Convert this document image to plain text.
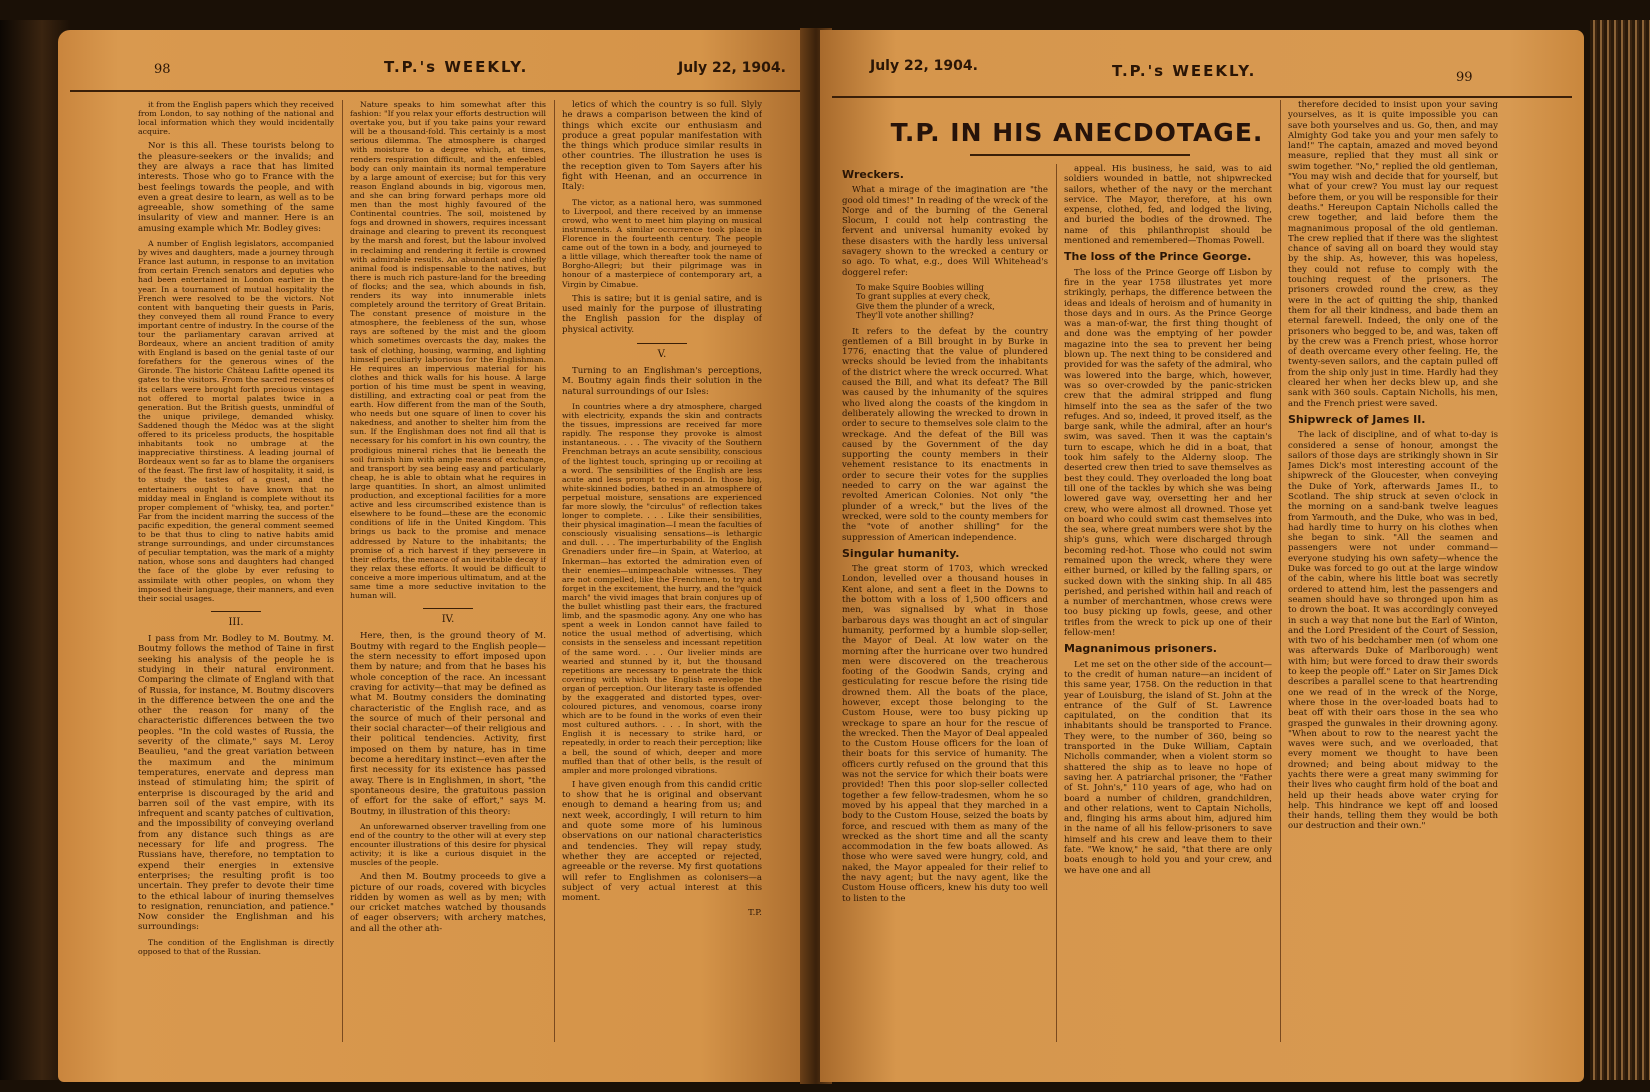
98	T.P.'s WEEKLY.	July 22, 1904.

it from the English papers which they received from London, to say nothing of the national and local information which they would incidentally acquire.

Nor is this all. These tourists belong to the pleasure-seekers or the invalids; and they are always a race that has limited interests. Those who go to France with the best feelings towards the people, and with even a great desire to learn, as well as to be agreeable, show something of the same insularity of view and manner. Here is an amusing example which Mr. Bodley gives:

A number of English legislators, accompanied by wives and daughters, made a journey through France last autumn, in response to an invitation from certain French senators and deputies who had been entertained in London earlier in the year. In a tournament of mutual hospitality the French were resolved to be the victors. Not content with banqueting their guests in Paris, they conveyed them all round France to every important centre of industry. In the course of the tour the parliamentary caravan arrived at Bordeaux, where an ancient tradition of amity with England is based on the genial taste of our forefathers for the generous wines of the Gironde. The historic Château Lafitte opened its gates to the visitors. From the sacred recesses of its cellars were brought forth precious vintages not offered to mortal palates twice in a generation. But the British guests, unmindful of the unique privilege, demanded whisky. Saddened though the Médoc was at the slight offered to its priceless products, the hospitable inhabitants took no umbrage at the inappreciative thirstiness. A leading journal of Bordeaux went so far as to blame the organisers of the feast. The first law of hospitality, it said, is to study the tastes of a guest, and the entertainers ought to have known that no midday meal in England is complete without its proper complement of "whisky, tea, and porter." Far from the incident marring the success of the pacific expedition, the general comment seemed to be that thus to cling to native habits amid strange surroundings, and under circumstances of peculiar temptation, was the mark of a mighty nation, whose sons and daughters had changed the face of the globe by ever refusing to assimilate with other peoples, on whom they imposed their language, their manners, and even their social usages.

III.

I pass from Mr. Bodley to M. Boutmy. M. Boutmy follows the method of Taine in first seeking his analysis of the people he is studying in their natural environment. Comparing the climate of England with that of Russia, for instance, M. Boutmy discovers in the difference between the one and the other the reason for many of the characteristic differences between the two peoples. "In the cold wastes of Russia, the severity of the climate," says M. Leroy Beaulieu, "and the great variation between the maximum and the minimum temperatures, enervate and depress man instead of stimulating him; the spirit of enterprise is discouraged by the arid and barren soil of the vast empire, with its infrequent and scanty patches of cultivation, and the impossibility of conveying overland from any distance such things as are necessary for life and progress. The Russians have, therefore, no temptation to expend their energies in extensive enterprises; the resulting profit is too uncertain. They prefer to devote their time to the ethical labour of inuring themselves to resignation, renunciation, and patience." Now consider the Englishman and his surroundings:

The condition of the Englishman is directly opposed to that of the Russian.

Nature speaks to him somewhat after this fashion: "If you relax your efforts destruction will overtake you, but if you take pains your reward will be a thousand-fold. This certainly is a most serious dilemma. The atmosphere is charged with moisture to a degree which, at times, renders respiration difficult, and the enfeebled body can only maintain its normal temperature by a large amount of exercise; but for this very reason England abounds in big, vigorous men, and she can bring forward perhaps more old men than the most highly favoured of the Continental countries. The soil, moistened by fogs and drowned in showers, requires incessant drainage and clearing to prevent its reconquest by the marsh and forest, but the labour involved in reclaiming and rendering it fertile is crowned with admirable results. An abundant and chiefly animal food is indispensable to the natives, but there is much rich pasture-land for the breeding of flocks; and the sea, which abounds in fish, renders its way into innumerable inlets completely around the territory of Great Britain. The constant presence of moisture in the atmosphere, the feebleness of the sun, whose rays are softened by the mist and the gloom which sometimes overcasts the day, makes the task of clothing, housing, warming, and lighting himself peculiarly laborious for the Englishman. He requires an impervious material for his clothes and thick walls for his house. A large portion of his time must be spent in weaving, distilling, and extracting coal or peat from the earth. How different from the man of the South, who needs but one square of linen to cover his nakedness, and another to shelter him from the sun. If the Englishman does not find all that is necessary for his comfort in his own country, the prodigious mineral riches that lie beneath the soil furnish him with ample means of exchange, and transport by sea being easy and particularly cheap, he is able to obtain what he requires in large quantities. In short, an almost unlimited production, and exceptional facilities for a more active and less circumscribed existence than is elsewhere to be found—these are the economic conditions of life in the United Kingdom. This brings us back to the promise and menace addressed by Nature to the inhabitants; the promise of a rich harvest if they persevere in their efforts, the menace of an inevitable decay if they relax these efforts. It would be difficult to conceive a more imperious ultimatum, and at the same time a more seductive invitation to the human will.

IV.

Here, then, is the ground theory of M. Boutmy with regard to the English people—the stern necessity to effort imposed upon them by nature; and from that he bases his whole conception of the race. An incessant craving for activity—that may be defined as what M. Boutmy considers the dominating characteristic of the English race, and as the source of much of their personal and their social character—of their religious and their political tendencies. Activity, first imposed on them by nature, has in time become a hereditary instinct—even after the first necessity for its existence has passed away. There is in Englishmen, in short, "the spontaneous desire, the gratuitous passion of effort for the sake of effort," says M. Boutmy, in illustration of this theory:

An unforewarned observer travelling from one end of the country to the other will at every step encounter illustrations of this desire for physical activity; it is like a curious disquiet in the muscles of the people.

And then M. Boutmy proceeds to give a picture of our roads, covered with bicycles ridden by women as well as by men; with our cricket matches watched by thousands of eager observers; with archery matches, and all the other ath-

letics of which the country is so full. Slyly he draws a comparison between the kind of things which excite our enthusiasm and produce a great popular manifestation with the things which produce similar results in other countries. The illustration he uses is the reception given to Tom Sayers after his fight with Heenan, and an occurrence in Italy:

The victor, as a national hero, was summoned to Liverpool, and there received by an immense crowd, who went to meet him playing on musical instruments. A similar occurrence took place in Florence in the fourteenth century. The people came out of the town in a body, and journeyed to a little village, which thereafter took the name of Borgho-Allegri; but their pilgrimage was in honour of a masterpiece of contemporary art, a Virgin by Cimabue.

This is satire; but it is genial satire, and is used mainly for the purpose of illustrating the English passion for the display of physical activity.

V.

Turning to an Englishman's perceptions, M. Boutmy again finds their solution in the natural surroundings of our Isles:

In countries where a dry atmosphere, charged with electricity, expands the skin and contracts the tissues, impressions are received far more rapidly. The response they provoke is almost instantaneous. . . . The vivacity of the Southern Frenchman betrays an acute sensibility, conscious of the lightest touch, springing up or recoiling at a word. The sensibilities of the English are less acute and less prompt to respond. In those big, white-skinned bodies, bathed in an atmosphere of perpetual moisture, sensations are experienced far more slowly, the "circulus" of reflection takes longer to complete. . . . Like their sensibilities, their physical imagination—I mean the faculties of consciously visualising sensations—is lethargic and dull. . . . The imperturbability of the English Grenadiers under fire—in Spain, at Waterloo, at Inkerman—has extorted the admiration even of their enemies—unimpeachable witnesses. They are not compelled, like the Frenchmen, to try and forget in the excitement, the hurry, and the "quick march" the vivid images that brain conjures up of the bullet whistling past their ears, the fractured limb, and the spasmodic agony. Any one who has spent a week in London cannot have failed to notice the usual method of advertising, which consists in the senseless and incessant repetition of the same word. . . . Our livelier minds are wearied and stunned by it, but the thousand repetitions are necessary to penetrate the thick covering with which the English envelope the organ of perception. Our literary taste is offended by the exaggerated and distorted types, over-coloured pictures, and venomous, coarse irony which are to be found in the works of even their most cultured authors. . . . In short, with the English it is necessary to strike hard, or repeatedly, in order to reach their perception; like a bell, the sound of which, deeper and more muffled than that of other bells, is the result of ampler and more prolonged vibrations.

I have given enough from this candid critic to show that he is original and observant enough to demand a hearing from us; and next week, accordingly, I will return to him and quote some more of his luminous observations on our national characteristics and tendencies. They will repay study, whether they are accepted or rejected, agreeable or the reverse. My first quotations will refer to Englishmen as colonisers—a subject of very actual interest at this moment.

T.P.
July 22, 1904.	T.P.'s WEEKLY.	99
T.P. IN HIS ANECDOTAGE.
Wreckers.

What a mirage of the imagination are "the good old times!" In reading of the wreck of the Norge and of the burning of the General Slocum, I could not help contrasting the fervent and universal humanity evoked by these disasters with the hardly less universal savagery shown to the wrecked a century or so ago. To what, e.g., does Will Whitehead's doggerel refer:

To make Squire Boobies willing
To grant supplies at every check,
Give them the plunder of a wreck,
They'll vote another shilling?

It refers to the defeat by the country gentlemen of a Bill brought in by Burke in 1776, enacting that the value of plundered wrecks should be levied from the inhabitants of the district where the wreck occurred. What caused the Bill, and what its defeat? The Bill was caused by the inhumanity of the squires who lived along the coasts of the kingdom in deliberately allowing the wrecked to drown in order to secure to themselves sole claim to the wreckage. And the defeat of the Bill was caused by the Government of the day supporting the county members in their vehement resistance to its enactments in order to secure their votes for the supplies needed to carry on the war against the revolted American Colonies. Not only "the plunder of a wreck," but the lives of the wrecked, were sold to the county members for the "vote of another shilling" for the suppression of American independence.

Singular humanity.

The great storm of 1703, which wrecked London, levelled over a thousand houses in Kent alone, and sent a fleet in the Downs to the bottom with a loss of 1,500 officers and men, was signalised by what in those barbarous days was thought an act of singular humanity, performed by a humble slop-seller, the Mayor of Deal. At low water on the morning after the hurricane over two hundred men were discovered on the treacherous footing of the Goodwin Sands, crying and gesticulating for rescue before the rising tide drowned them. All the boats of the place, however, except those belonging to the Custom House, were too busy picking up wreckage to spare an hour for the rescue of the wrecked. Then the Mayor of Deal appealed to the Custom House officers for the loan of their boats for this service of humanity. The officers curtly refused on the ground that this was not the service for which their boats were provided! Then this poor slop-seller collected together a few fellow-tradesmen, whom he so moved by his appeal that they marched in a body to the Custom House, seized the boats by force, and rescued with them as many of the wrecked as the short time and all the scanty accommodation in the few boats allowed. As those who were saved were hungry, cold, and naked, the Mayor appealed for their relief to the navy agent; but the navy agent, like the Custom House officers, knew his duty too well to listen to the

appeal. His business, he said, was to aid soldiers wounded in battle, not shipwrecked sailors, whether of the navy or the merchant service. The Mayor, therefore, at his own expense, clothed, fed, and lodged the living, and buried the bodies of the drowned. The name of this philanthropist should be mentioned and remembered—Thomas Powell.

The loss of the Prince George.

The loss of the Prince George off Lisbon by fire in the year 1758 illustrates yet more strikingly, perhaps, the difference between the ideas and ideals of heroism and of humanity in those days and in ours. As the Prince George was a man-of-war, the first thing thought of and done was the emptying of her powder magazine into the sea to prevent her being blown up. The next thing to be considered and provided for was the safety of the admiral, who was lowered into the barge, which, however, was so over-crowded by the panic-stricken crew that the admiral stripped and flung himself into the sea as the safer of the two refuges. And so, indeed, it proved itself, as the barge sank, while the admiral, after an hour's swim, was saved. Then it was the captain's turn to escape, which he did in a boat, that took him safely to the Alderny sloop. The deserted crew then tried to save themselves as best they could. They overloaded the long boat till one of the tackles by which she was being lowered gave way, oversetting her and her crew, who were almost all drowned. Those yet on board who could swim cast themselves into the sea, where great numbers were shot by the ship's guns, which were discharged through becoming red-hot. Those who could not swim remained upon the wreck, where they were either burned, or killed by the falling spars, or sucked down with the sinking ship. In all 485 perished, and perished within hail and reach of a number of merchantmen, whose crews were too busy picking up fowls, geese, and other trifles from the wreck to pick up one of their fellow-men!

Magnanimous prisoners.

Let me set on the other side of the account—to the credit of human nature—an incident of this same year, 1758. On the reduction in that year of Louisburg, the island of St. John at the entrance of the Gulf of St. Lawrence capitulated, on the condition that its inhabitants should be transported to France. They were, to the number of 360, being so transported in the Duke William, Captain Nicholls commander, when a violent storm so shattered the ship as to leave no hope of saving her. A patriarchal prisoner, the "Father of St. John's," 110 years of age, who had on board a number of children, grandchildren, and other relations, went to Captain Nicholls, and, flinging his arms about him, adjured him in the name of all his fellow-prisoners to save himself and his crew and leave them to their fate. "We know," he said, "that there are only boats enough to hold you and your crew, and we have one and all

therefore decided to insist upon your saving yourselves, as it is quite impossible you can save both yourselves and us. Go, then, and may Almighty God take you and your men safely to land!" The captain, amazed and moved beyond measure, replied that they must all sink or swim together. "No," replied the old gentleman, "You may wish and decide that for yourself, but what of your crew? You must lay our request before them, or you will be responsible for their deaths." Hereupon Captain Nicholls called the crew together, and laid before them the magnanimous proposal of the old gentleman. The crew replied that if there was the slightest chance of saving all on board they would stay by the ship. As, however, this was hopeless, they could not refuse to comply with the touching request of the prisoners. The prisoners crowded round the crew, as they were in the act of quitting the ship, thanked them for all their kindness, and bade them an eternal farewell. Indeed, the only one of the prisoners who begged to be, and was, taken off by the crew was a French priest, whose horror of death overcame every other feeling. He, the twenty-seven sailors, and the captain pulled off from the ship only just in time. Hardly had they cleared her when her decks blew up, and she sank with 360 souls. Captain Nicholls, his men, and the French priest were saved.

Shipwreck of James II.

The lack of discipline, and of what to-day is considered a sense of honour, amongst the sailors of those days are strikingly shown in Sir James Dick's most interesting account of the shipwreck of the Gloucester, when conveying the Duke of York, afterwards James II., to Scotland. The ship struck at seven o'clock in the morning on a sand-bank twelve leagues from Yarmouth, and the Duke, who was in bed, had hardly time to hurry on his clothes when she began to sink. "All the seamen and passengers were not under command—everyone studying his own safety—whence the Duke was forced to go out at the large window of the cabin, where his little boat was secretly ordered to attend him, lest the passengers and seamen should have so thronged upon him as to drown the boat. It was accordingly conveyed in such a way that none but the Earl of Winton, and the Lord President of the Court of Session, with two of his bedchamber men (of whom one was afterwards Duke of Marlborough) went with him; but were forced to draw their swords to keep the people off." Later on Sir James Dick describes a parallel scene to that heartrending one we read of in the wreck of the Norge, where those in the over-loaded boats had to beat off with their oars those in the sea who grasped the gunwales in their drowning agony. "When about to row to the nearest yacht the waves were such, and we overloaded, that every moment we thought to have been drowned; and being about midway to the yachts there were a great many swimming for their lives who caught firm hold of the boat and held up their heads above water crying for help. This hindrance we kept off and loosed their hands, telling them they would be both our destruction and their own."
